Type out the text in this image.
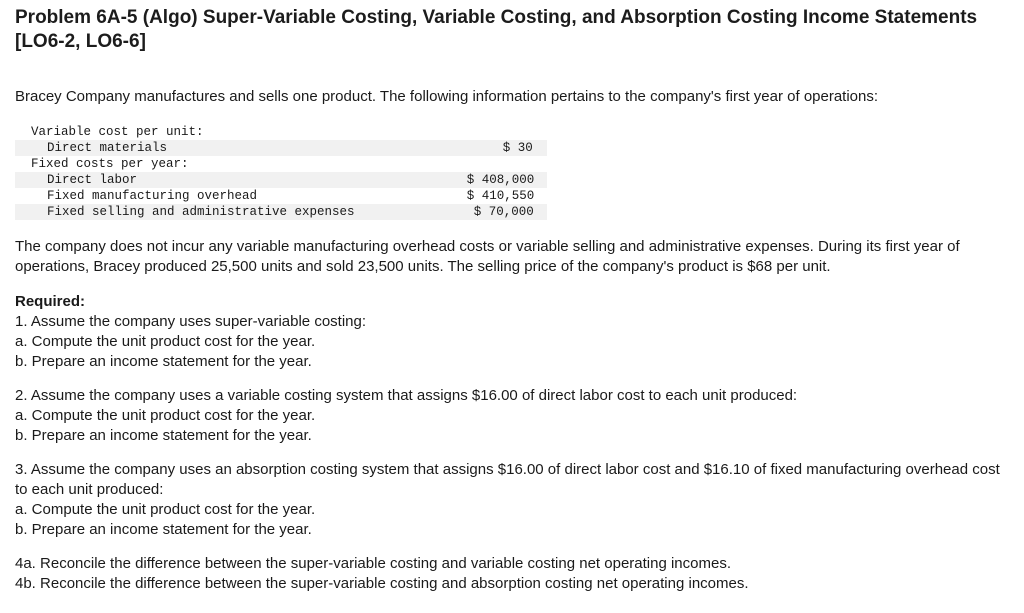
Problem 6A-5 (Algo) Super-Variable Costing, Variable Costing, and Absorption Costing Income Statements [LO6-2, LO6-6]

Bracey Company manufactures and sells one product. The following information pertains to the company's first year of operations:

Variable cost per unit:	
Direct materials	$ 30
Fixed costs per year:	
Direct labor	$ 408,000
Fixed manufacturing overhead	$ 410,550
Fixed selling and administrative expenses	$ 70,000

The company does not incur any variable manufacturing overhead costs or variable selling and administrative expenses. During its first year of operations, Bracey produced 25,500 units and sold 23,500 units. The selling price of the company's product is $68 per unit.

Required:
1. Assume the company uses super-variable costing:
a. Compute the unit product cost for the year.
b. Prepare an income statement for the year.
2. Assume the company uses a variable costing system that assigns $16.00 of direct labor cost to each unit produced:
a. Compute the unit product cost for the year.
b. Prepare an income statement for the year.
3. Assume the company uses an absorption costing system that assigns $16.00 of direct labor cost and $16.10 of fixed manufacturing overhead cost to each unit produced:
a. Compute the unit product cost for the year.
b. Prepare an income statement for the year.
4a. Reconcile the difference between the super-variable costing and variable costing net operating incomes.
4b. Reconcile the difference between the super-variable costing and absorption costing net operating incomes.
